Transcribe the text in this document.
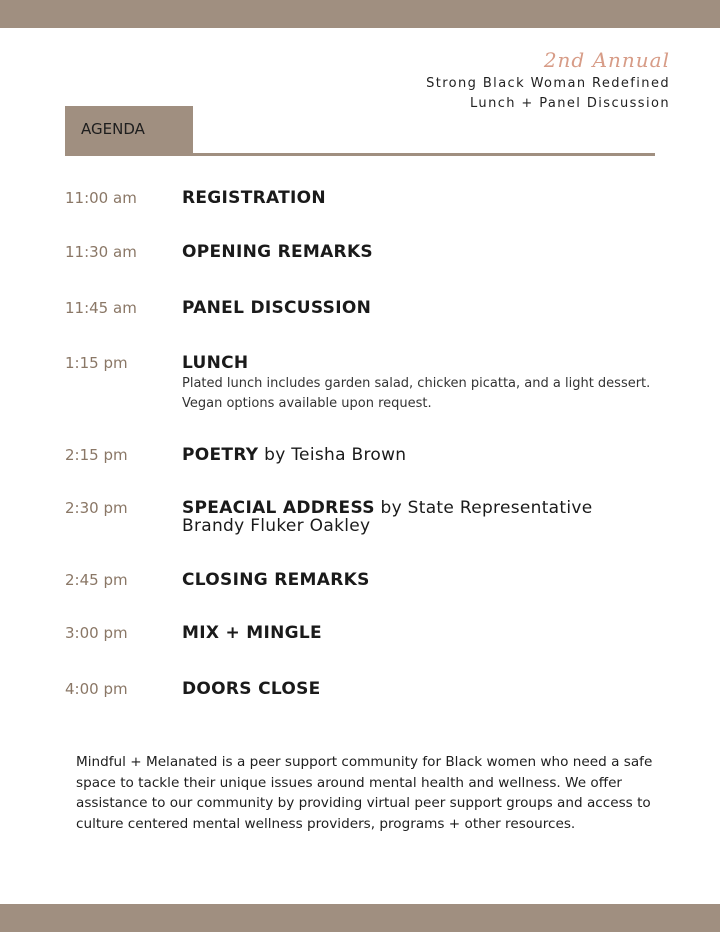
2nd Annual
Strong Black Woman Redefined
Lunch + Panel Discussion
AGENDA
11:00 am	REGISTRATION
11:30 am	OPENING REMARKS
11:45 am	PANEL DISCUSSION
1:15 pm	LUNCH
Plated lunch includes garden salad, chicken picatta, and a light dessert. Vegan options available upon request.
2:15 pm	POETRY by Teisha Brown
2:30 pm	SPEACIAL ADDRESS by State Representative Brandy Fluker Oakley
2:45 pm	CLOSING REMARKS
3:00 pm	MIX + MINGLE
4:00 pm	DOORS CLOSE
Mindful + Melanated is a peer support community for Black women who need a safe space to tackle their unique issues around mental health and wellness. We offer assistance to our community by providing virtual peer support groups and access to culture centered mental wellness providers, programs + other resources.
